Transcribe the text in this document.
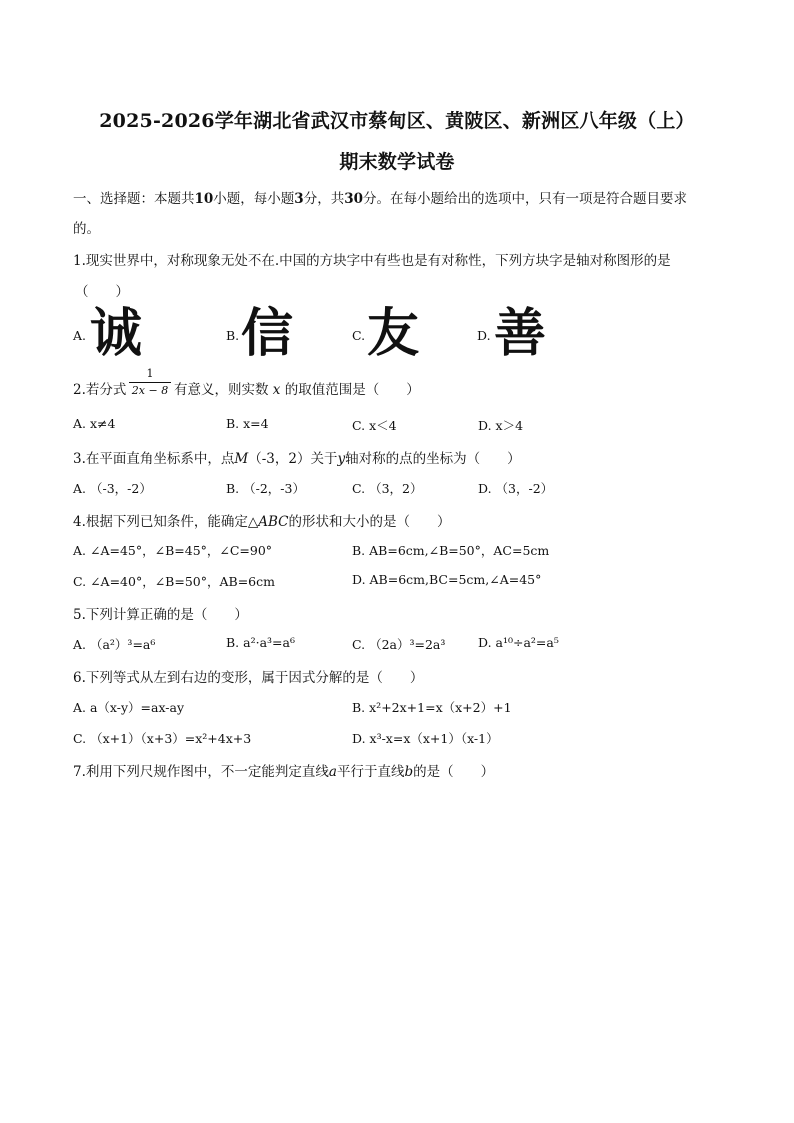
2025-2026学年湖北省武汉市蔡甸区、黄陂区、新洲区八年级（上）
期末数学试卷
一、选择题：本题共10小题，每小题3分，共30分。在每小题给出的选项中，只有一项是符合题目要求
的。
1.现实世界中，对称现象无处不在.中国的方块字中有些也是有对称性，下列方块字是轴对称图形的是
（　　）
A. 诚	B. 信	C. 友	D. 善
2.若分式
1
2x − 8 有意义，则实数 x 的取值范围是（　　）
A. x≠4	B. x=4	C. x＜4	D. x＞4
3.在平面直角坐标系中，点M（-3，2）关于y轴对称的点的坐标为（　　）
A. （-3，-2）	B. （-2，-3）	C. （3，2）	D. （3，-2）
4.根据下列已知条件，能确定△ABC的形状和大小的是（　　）
A. ∠A=45°，∠B=45°，∠C=90°	B. AB=6cm,∠B=50°，AC=5cm
C. ∠A=40°，∠B=50°，AB=6cm	D. AB=6cm,BC=5cm,∠A=45°
5.下列计算正确的是（　　）
A. （a²）³=a⁶	B. a²·a³=a⁶	C. （2a）³=2a³	D. a¹⁰÷a²=a⁵
6.下列等式从左到右边的变形，属于因式分解的是（　　）
A. a（x-y）=ax-ay	B. x²+2x+1=x（x+2）+1
C. （x+1）（x+3）=x²+4x+3	D. x³-x=x（x+1）（x-1）
7.利用下列尺规作图中，不一定能判定直线a平行于直线b的是（　　）
